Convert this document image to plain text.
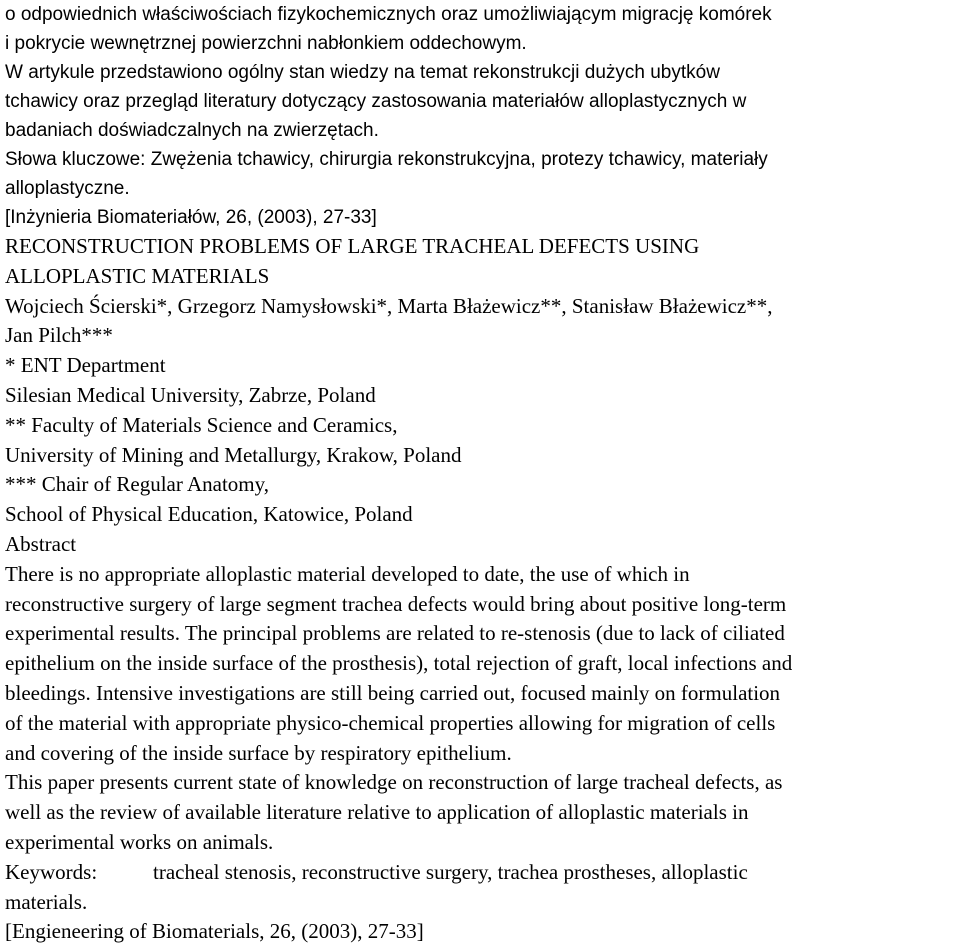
o odpowiednich właściwościach fizykochemicznych oraz umożliwiającym migrację komórek
i pokrycie wewnętrznej powierzchni nabłonkiem oddechowym.
W artykule przedstawiono ogólny stan wiedzy na temat rekonstrukcji dużych ubytków
tchawicy oraz przegląd literatury dotyczący zastosowania materiałów alloplastycznych w
badaniach doświadczalnych na zwierzętach.
Słowa kluczowe: Zwężenia tchawicy, chirurgia rekonstrukcyjna, protezy tchawicy, materiały
alloplastyczne.
[Inżynieria Biomateriałów, 26, (2003), 27-33]
RECONSTRUCTION PROBLEMS OF LARGE TRACHEAL DEFECTS USING
ALLOPLASTIC MATERIALS
Wojciech Ścierski*, Grzegorz Namysłowski*, Marta Błażewicz**, Stanisław Błażewicz**,
Jan Pilch***
* ENT Department
Silesian Medical University, Zabrze, Poland
** Faculty of Materials Science and Ceramics,
University of Mining and Metallurgy, Krakow, Poland
*** Chair of Regular Anatomy,
School of Physical Education, Katowice, Poland
Abstract
There is no appropriate alloplastic material developed to date, the use of which in
reconstructive surgery of large segment trachea defects would bring about positive long-term
experimental results. The principal problems are related to re-stenosis (due to lack of ciliated
epithelium on the inside surface of the prosthesis), total rejection of graft, local infections and
bleedings. Intensive investigations are still being carried out, focused mainly on formulation
of the material with appropriate physico-chemical properties allowing for migration of cells
and covering of the inside surface by respiratory epithelium.
This paper presents current state of knowledge on reconstruction of large tracheal defects, as
well as the review of available literature relative to application of alloplastic materials in
experimental works on animals.
Keywords:	tracheal stenosis, reconstructive surgery, trachea prostheses, alloplastic
materials.
[Engieneering of Biomaterials, 26, (2003), 27-33]
